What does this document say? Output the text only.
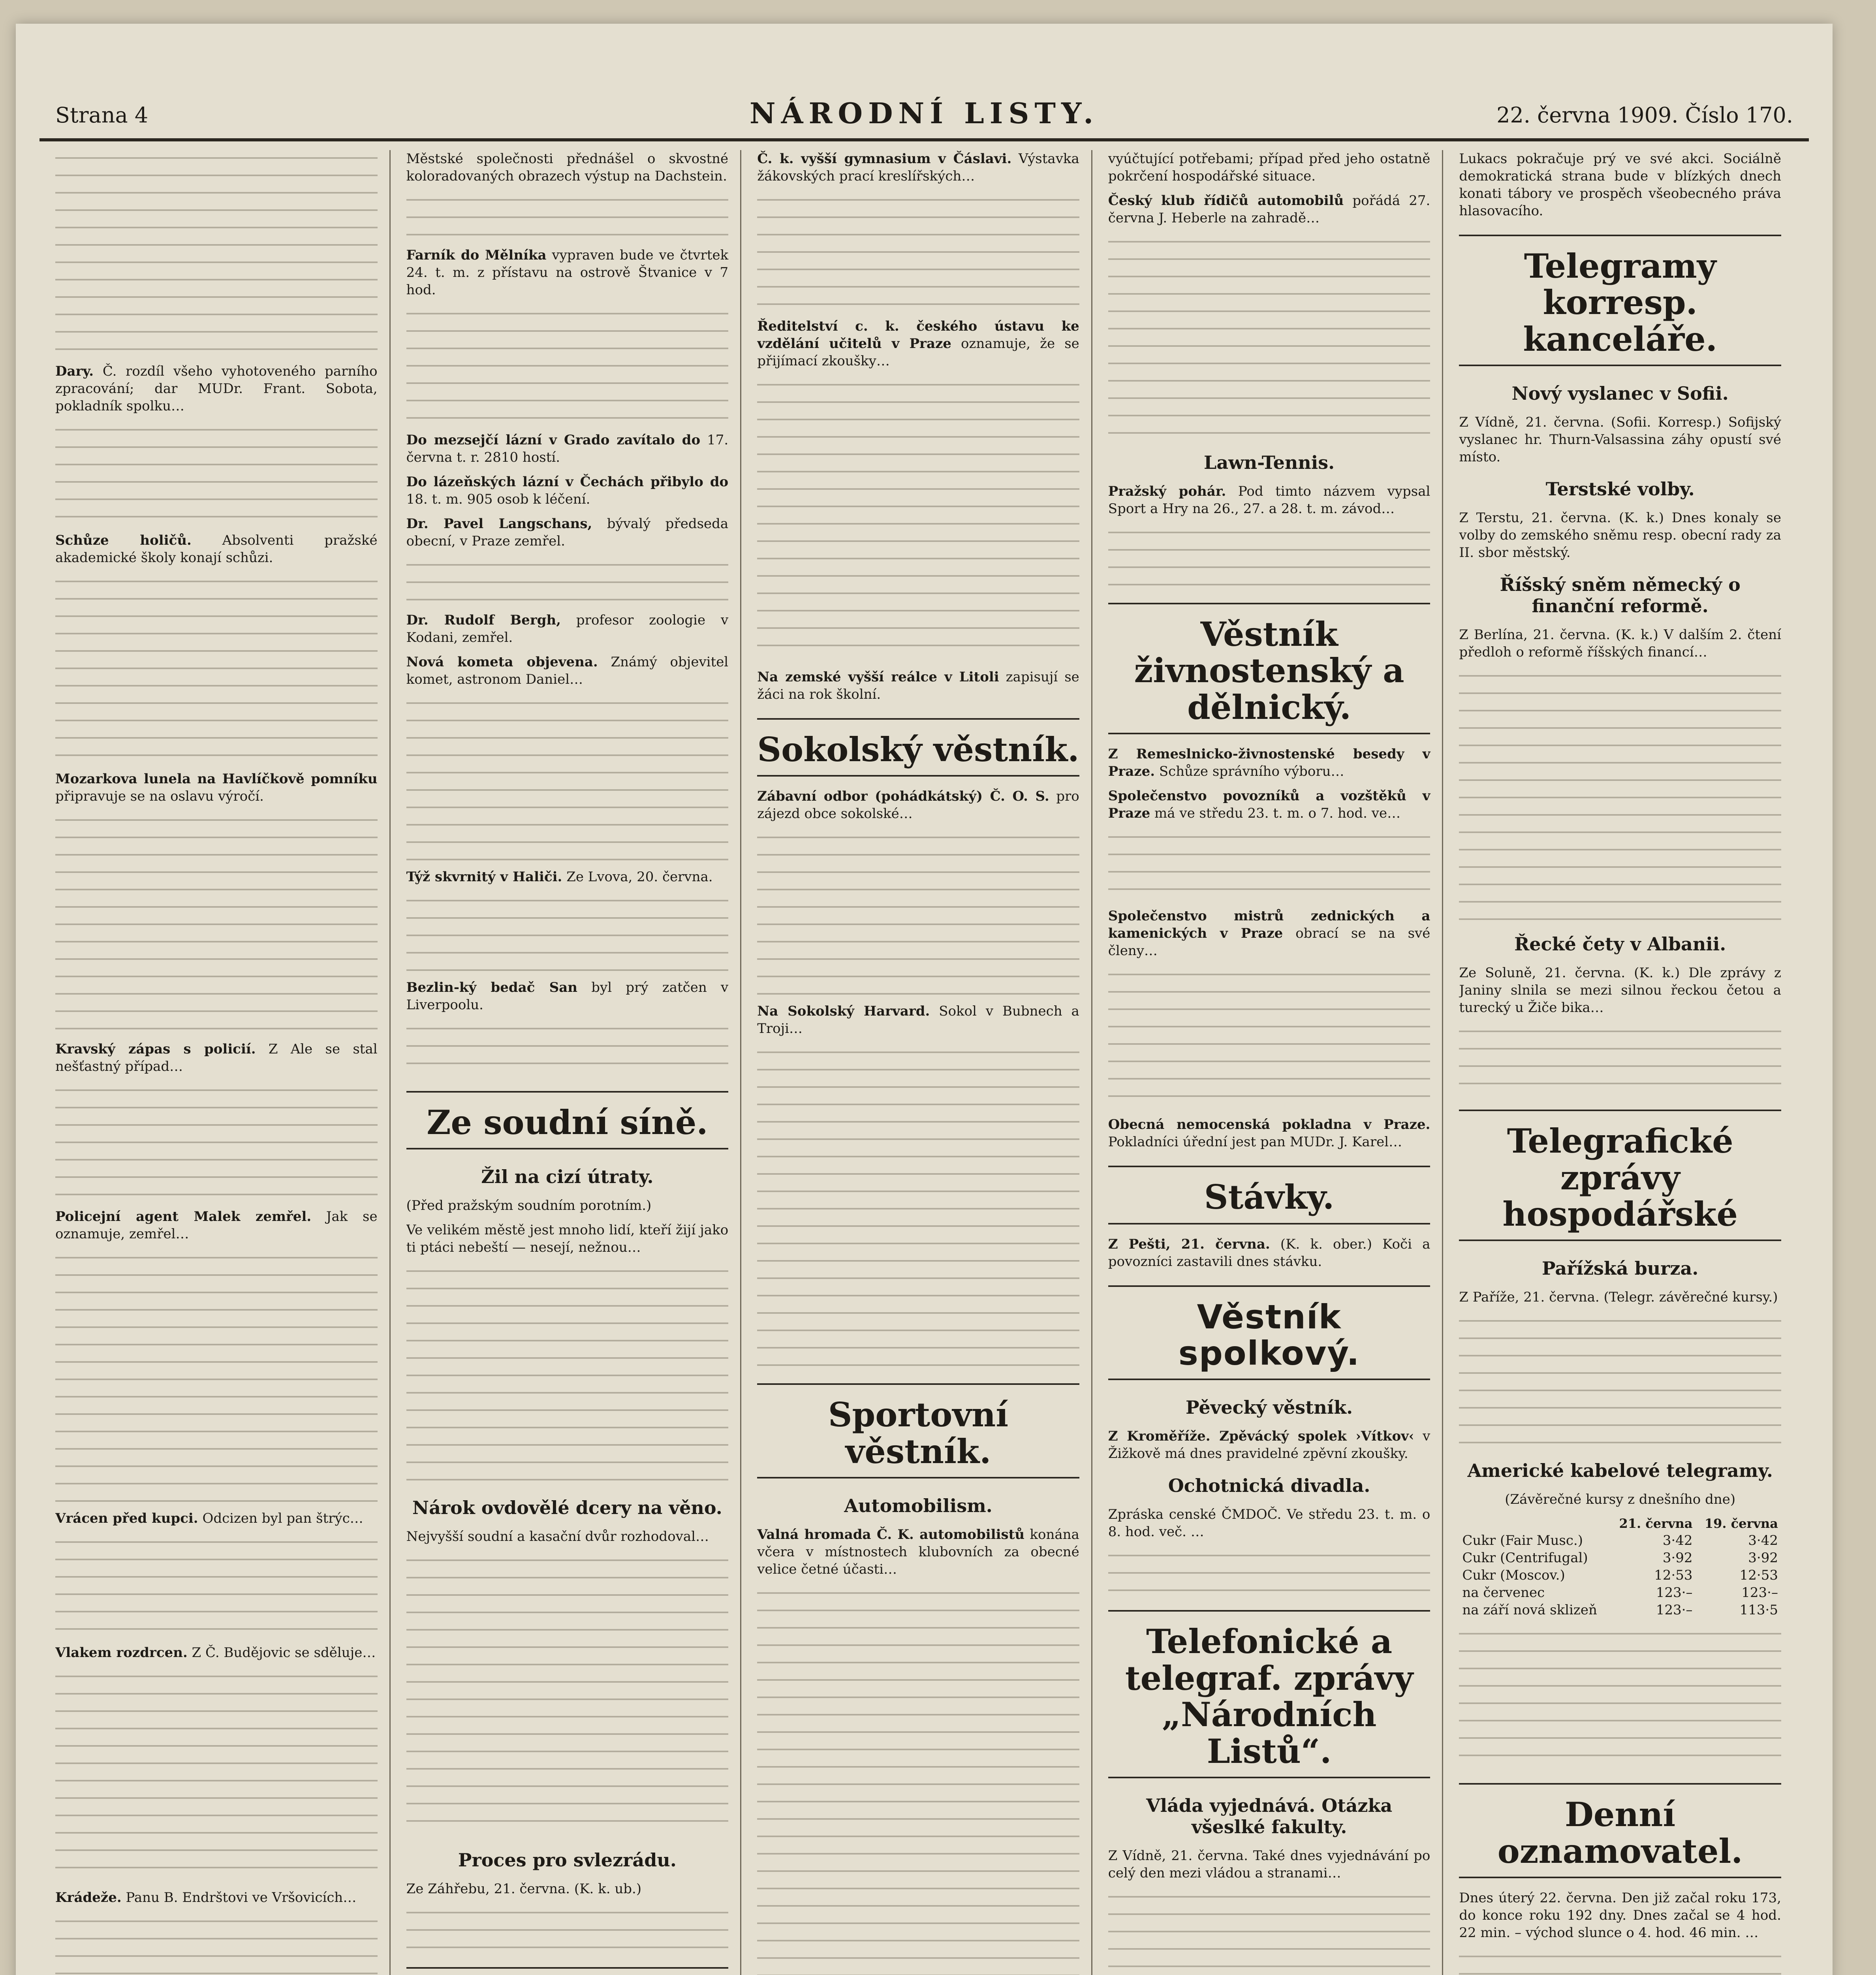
Strana 4	NÁRODNÍ LISTY.	22. června 1909. Číslo 170.
Dary. Č. rozdíl všeho vyhotoveného parního zpracování; dar MUDr. Frant. Sobota, pokladník spolku…
Schůze holičů. Absolventi pražské akademické školy konají schůzi.
Mozarkova lunela na Havlíčkově pomníku připravuje se na oslavu výročí.
Kravský zápas s policií. Z Ale se stal nešťastný případ…
Policejní agent Malek zemřel. Jak se oznamuje, zemřel…
Vrácen před kupci. Odcizen byl pan štrýc…
Vlakem rozdrcen. Z Č. Budějovic se sděluje…
Krádeže. Panu B. Endrštovi ve Vršovicích…
Městské společnosti přednášel o skvostné koloradovaných obrazech výstup na Dachstein.
Farník do Mělníka vypraven bude ve čtvrtek 24. t. m. z přístavu na ostrově Štvanice v 7 hod.
Do mezsejčí lázní v Grado zavítalo do 17. června t. r. 2810 hostí.
Do lázeňských lázní v Čechách přibylo do 18. t. m. 905 osob k léčení.
Dr. Pavel Langschans, bývalý předseda obecní, v Praze zemřel.
Dr. Rudolf Bergh, profesor zoologie v Kodani, zemřel.
Nová kometa objevena. Známý objevitel komet, astronom Daniel…
Týž skvrnitý v Haliči. Ze Lvova, 20. června.
Bezlin-ký bedač San byl prý zatčen v Liverpoolu.
Ze soudní síně.
Žil na cizí útraty.
(Před pražským soudním porotním.)
Ve velikém městě jest mnoho lidí, kteří žijí jako ti ptáci nebeští — nesejí, nežnou…
Nárok ovdovělé dcery na věno.
Nejvyšší soudní a kasační dvůr rozhodoval…
Proces pro svlezrádu.
Ze Záhřebu, 21. června. (K. k. ub.)
Č. k. vyšší gymnasium v Čáslavi. Výstavka žákovských prací kreslířských…
Ředitelství c. k. českého ústavu ke vzdělání učitelů v Praze oznamuje, že se přijímací zkoušky…
Na zemské vyšší reálce v Litoli zapisují se žáci na rok školní.
Sokolský věstník.
Zábavní odbor (pohádkátský) Č. O. S. pro zájezd obce sokolské…
Na Sokolský Harvard. Sokol v Bubnech a Troji…
Sportovní věstník.
Automobilism.
Valná hromada Č. K. automobilistů konána včera v místnostech klubovních za obecné velice četné účasti…
vyúčtující potřebami; případ před jeho ostatně pokrčení hospodářské situace.
Český klub řídičů automobilů pořádá 27. června J. Heberle na zahradě…
Lawn-Tennis.
Pražský pohár. Pod timto názvem vypsal Sport a Hry na 26., 27. a 28. t. m. závod…
Věstník živnostenský a dělnický.
Z Remeslnicko-živnostenské besedy v Praze. Schůze správního výboru…
Společenstvo povozníků a vozštěků v Praze má ve středu 23. t. m. o 7. hod. ve…
Společenstvo mistrů zednických a kamenických v Praze obrací se na své členy…
Obecná nemocenská pokladna v Praze. Pokladníci úřední jest pan MUDr. J. Karel…
Stávky.
Z Pešti, 21. června. (K. k. ober.) Koči a povozníci zastavili dnes stávku.
Věstník spolkový.
Pěvecký věstník.
Z Kroměříže. Zpěvácký spolek ›Vítkov‹ v Žižkově má dnes pravidelné zpěvní zkoušky.
Ochotnická divadla.
Zpráska censké ČMDOČ. Ve středu 23. t. m. o 8. hod. več. …
Telefonické a telegraf. zprávy „Národních Listů“.
Vláda vyjednává. Otázka všeslké fakulty.
Z Vídně, 21. června. Také dnes vyjednávání po celý den mezi vládou a stranami…
Lukacs pokračuje prý ve své akci. Sociálně demokratická strana bude v blízkých dnech konati tábory ve prospěch všeobecného práva hlasovacího.
Telegramy korresp. kanceláře.
Nový vyslanec v Sofii.
Z Vídně, 21. června. (Sofii. Korresp.) Sofijský vyslanec hr. Thurn-Valsassina záhy opustí své místo.
Terstské volby.
Z Terstu, 21. června. (K. k.) Dnes konaly se volby do zemského sněmu resp. obecní rady za II. sbor městský.
Říšský sněm německý o finanční reformě.
Z Berlína, 21. června. (K. k.) V dalším 2. čtení předloh o reformě říšských financí…
Řecké čety v Albanii.
Ze Soluně, 21. června. (K. k.) Dle zprávy z Janiny slnila se mezi silnou řeckou četou a turecký u Žiče bika…
Telegrafické zprávy hospodářské
Pařížská burza.
Z Paříže, 21. června. (Telegr. závěrečné kursy.)
Americké kabelové telegramy.
(Závěrečné kursy z dnešního dne)
	21. června	19. června
Cukr (Fair Musc.)	3·42	3·42
Cukr (Centrifugal)	3·92	3·92
Cukr (Moscov.)	12·53	12·53
na červenec	123·–	123·–
na září nová sklizeň	123·–	113·5
Denní oznamovatel.
Dnes úterý 22. června. Den již začal roku 173, do konce roku 192 dny. Dnes začal se 4 hod. 22 min. – východ slunce o 4. hod. 46 min. …
